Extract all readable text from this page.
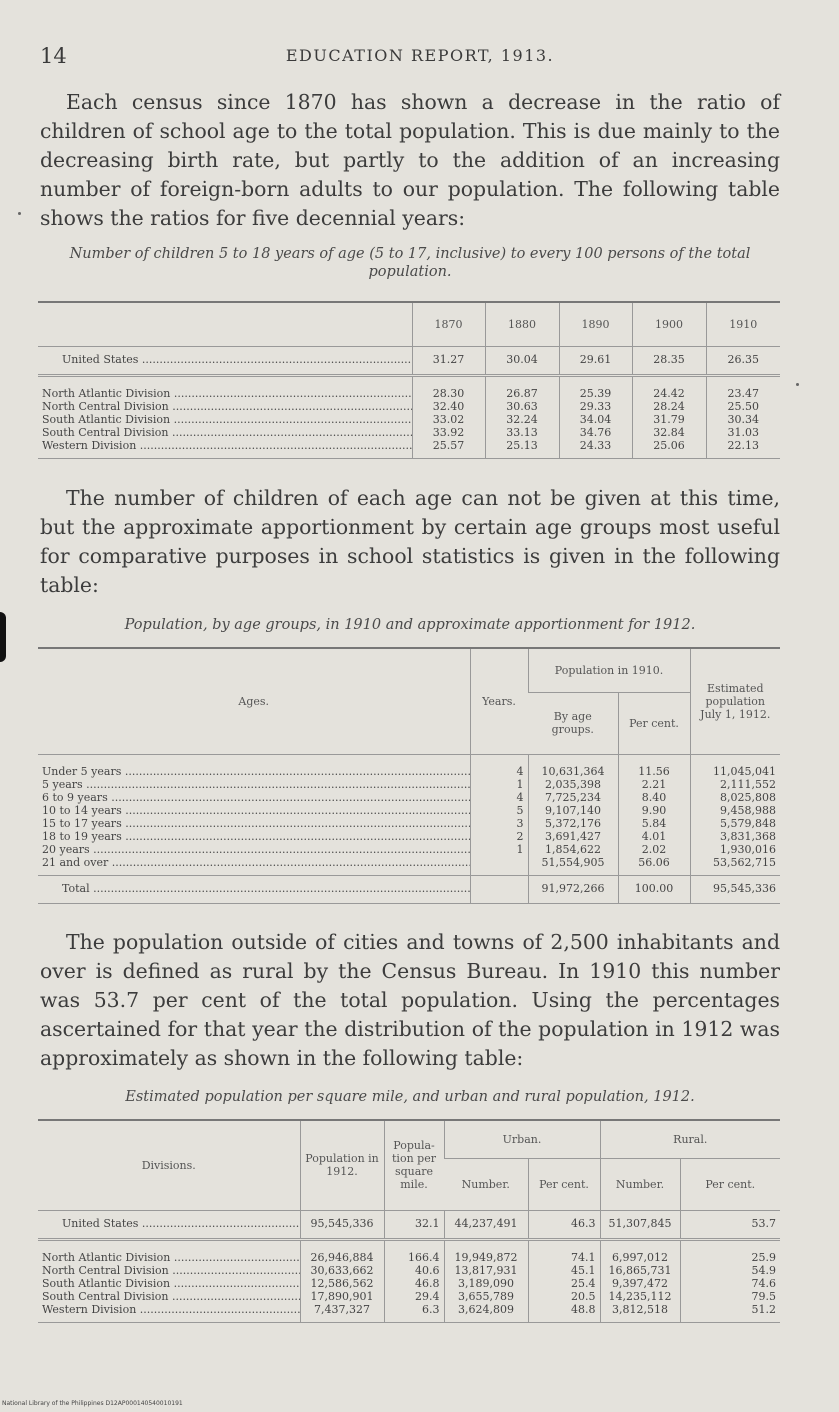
14	EDUCATION REPORT, 1913.

Each census since 1870 has shown a decrease in the ratio of children of school age to the total population. This is due mainly to the decreasing birth rate, but partly to the addition of an increasing number of foreign-born adults to our population. The following table shows the ratios for five decennial years:

Number of children 5 to 18 years of age (5 to 17, inclusive) to every 100 persons of the total population.
	1870	1880	1890	1900	1910
United States .....	31.27	30.04	29.61	28.35	26.35
North Atlantic Division .....	28.30	26.87	25.39	24.42	23.47
North Central Division .....	32.40	30.63	29.33	28.24	25.50
South Atlantic Division .....	33.02	32.24	34.04	31.79	30.34
South Central Division .....	33.92	33.13	34.76	32.84	31.03
Western Division .....	25.57	25.13	24.33	25.06	22.13

The number of children of each age can not be given at this time, but the approximate apportionment by certain age groups most useful for comparative purposes in school statistics is given in the following table:

Population, by age groups, in 1910 and approximate apportionment for 1912.
Ages.	Years.	Population in 1910.		Estimated population July 1, 1912.
		By age groups.	Per cent.	
Under 5 years .....	4	10,631,364	11.56	11,045,041
5 years .....	1	2,035,398	2.21	2,111,552
6 to 9 years .....	4	7,725,234	8.40	8,025,808
10 to 14 years .....	5	9,107,140	9.90	9,458,988
15 to 17 years .....	3	5,372,176	5.84	5,579,848
18 to 19 years .....	2	3,691,427	4.01	3,831,368
20 years .....	1	1,854,622	2.02	1,930,016
21 and over .....		51,554,905	56.06	53,562,715
Total .....		91,972,266	100.00	95,545,336

The population outside of cities and towns of 2,500 inhabitants and over is defined as rural by the Census Bureau. In 1910 this number was 53.7 per cent of the total population. Using the percentages ascertained for that year the distribution of the population in 1912 was approximately as shown in the following table:

Estimated population per square mile, and urban and rural population, 1912.
Divisions.	Population in 1912.	Popula- tion per square mile.	Urban.		Rural.	
			Number.	Per cent.	Number.	Per cent.
United States .....	95,545,336	32.1	44,237,491	46.3	51,307,845	53.7
North Atlantic Division .....	26,946,884	166.4	19,949,872	74.1	6,997,012	25.9
North Central Division .....	30,633,662	40.6	13,817,931	45.1	16,865,731	54.9
South Atlantic Division .....	12,586,562	46.8	3,189,090	25.4	9,397,472	74.6
South Central Division .....	17,890,901	29.4	3,655,789	20.5	14,235,112	79.5
Western Division .....	7,437,327	6.3	3,624,809	48.8	3,812,518	51.2
National Library of the Philippines D12AP000140540010191
